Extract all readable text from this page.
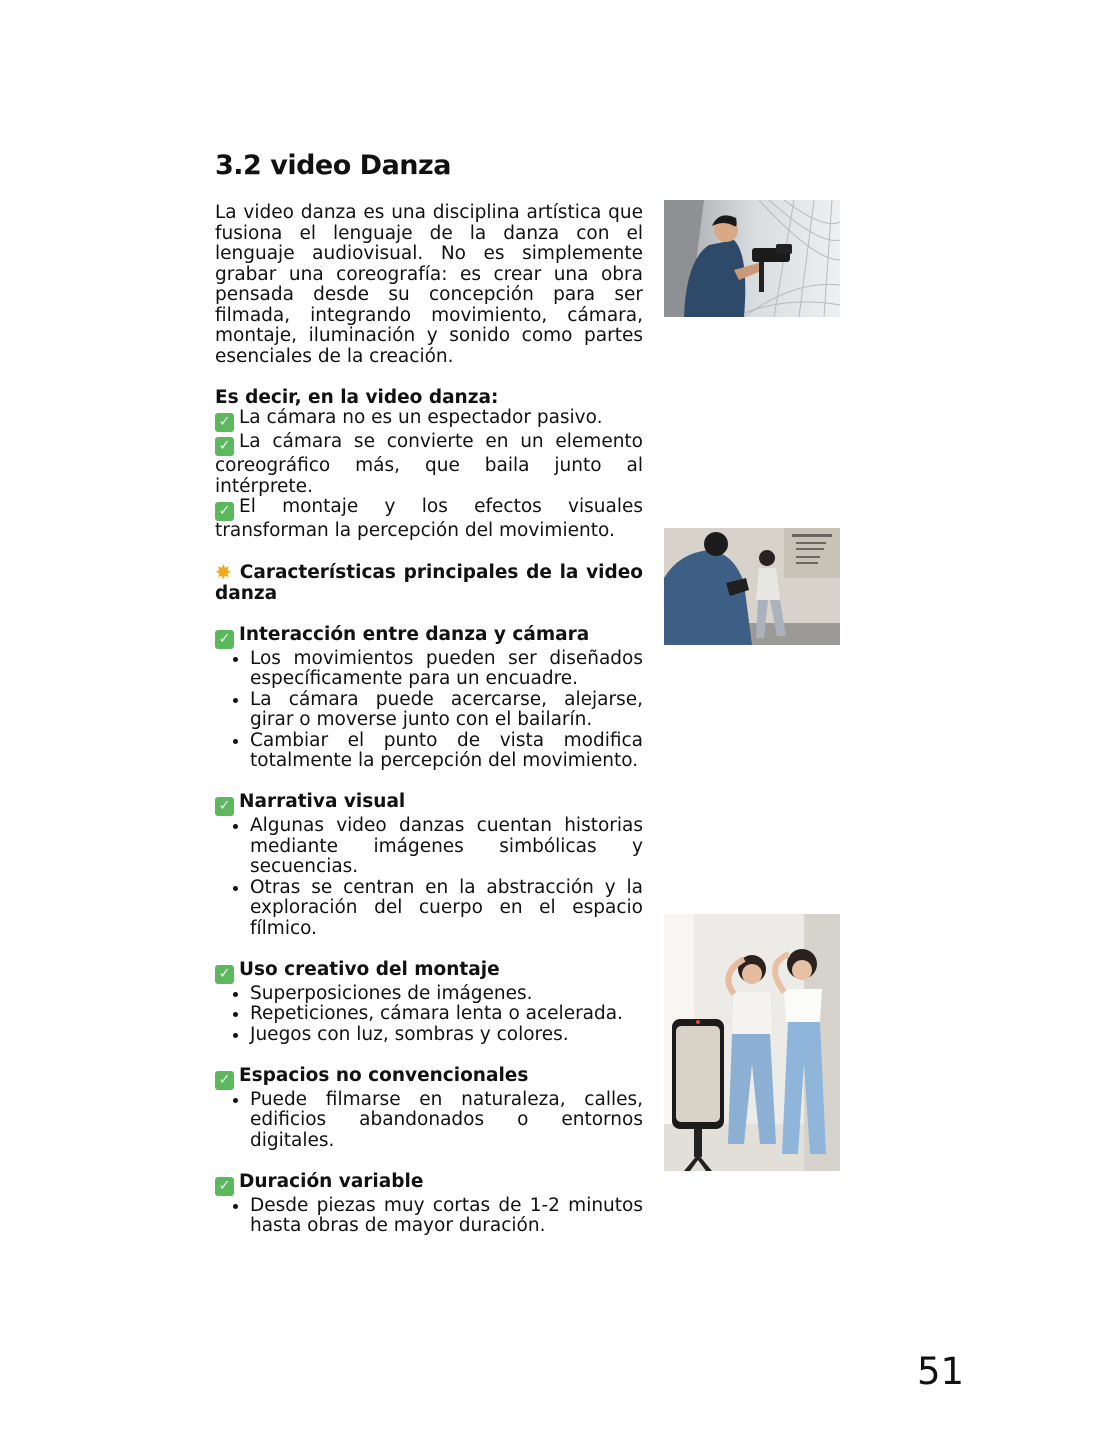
3.2 video Danza

La video danza es una disciplina artística que fusiona el lenguaje de la danza con el lenguaje audiovisual. No es simplemente grabar una coreografía: es crear una obra pensada desde su concepción para ser filmada, integrando movimiento, cámara, montaje, iluminación y sonido como partes esenciales de la creación.

Es decir, en la video danza:

✓ La cámara no es un espectador pasivo.

✓ La cámara se convierte en un elemento coreográfico más, que baila junto al intérprete.

✓ El montaje y los efectos visuales transforman la percepción del movimiento.

✸ Características principales de la video danza

✓ Interacción entre danza y cámara

• Los movimientos pueden ser diseñados específicamente para un encuadre.
• La cámara puede acercarse, alejarse, girar o moverse junto con el bailarín.
• Cambiar el punto de vista modifica totalmente la percepción del movimiento.

✓ Narrativa visual

• Algunas video danzas cuentan historias mediante imágenes simbólicas y secuencias.
• Otras se centran en la abstracción y la exploración del cuerpo en el espacio fílmico.

✓ Uso creativo del montaje

• Superposiciones de imágenes.
• Repeticiones, cámara lenta o acelerada.
• Juegos con luz, sombras y colores.

✓ Espacios no convencionales

• Puede filmarse en naturaleza, calles, edificios abandonados o entornos digitales.

✓ Duración variable

• Desde piezas muy cortas de 1-2 minutos hasta obras de mayor duración.
51
